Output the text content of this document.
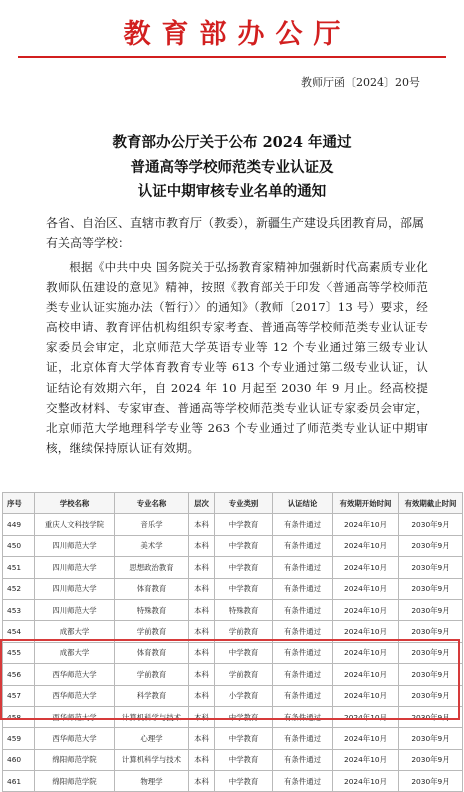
教育部办公厅
教师厅函〔2024〕20号
教育部办公厅关于公布 2024 年通过
普通高等学校师范类专业认证及
认证中期审核专业名单的通知
各省、自治区、直辖市教育厅（教委），新疆生产建设兵团教育局，部属有关高等学校：
根据《中共中央 国务院关于弘扬教育家精神加强新时代高素质专业化教师队伍建设的意见》精神，按照《教育部关于印发〈普通高等学校师范类专业认证实施办法（暂行）〉的通知》（教师〔2017〕13 号）要求，经高校申请、教育评估机构组织专家考查、普通高等学校师范类专业认证专家委员会审定，北京师范大学英语专业等 12 个专业通过第三级专业认证，北京体育大学体育教育专业等 613 个专业通过第二级专业认证，认证结论有效期六年，自 2024 年 10 月起至 2030 年 9 月止。经高校提交整改材料、专家审查、普通高等学校师范类专业认证专家委员会审定，北京师范大学地理科学专业等 263 个专业通过了师范类专业认证中期审核，继续保持原认证有效期。
序号	学校名称	专业名称	层次	专业类别	认证结论	有效期开始时间	有效期截止时间
449	重庆人文科技学院	音乐学	本科	中学教育	有条件通过	2024年10月	2030年9月
450	四川师范大学	美术学	本科	中学教育	有条件通过	2024年10月	2030年9月
451	四川师范大学	思想政治教育	本科	中学教育	有条件通过	2024年10月	2030年9月
452	四川师范大学	体育教育	本科	中学教育	有条件通过	2024年10月	2030年9月
453	四川师范大学	特殊教育	本科	特殊教育	有条件通过	2024年10月	2030年9月
454	成都大学	学前教育	本科	学前教育	有条件通过	2024年10月	2030年9月
455	成都大学	体育教育	本科	中学教育	有条件通过	2024年10月	2030年9月
456	西华师范大学	学前教育	本科	学前教育	有条件通过	2024年10月	2030年9月
457	西华师范大学	科学教育	本科	小学教育	有条件通过	2024年10月	2030年9月
458	西华师范大学	计算机科学与技术	本科	中学教育	有条件通过	2024年10月	2030年9月
459	西华师范大学	心理学	本科	中学教育	有条件通过	2024年10月	2030年9月
460	绵阳师范学院	计算机科学与技术	本科	中学教育	有条件通过	2024年10月	2030年9月
461	绵阳师范学院	物理学	本科	中学教育	有条件通过	2024年10月	2030年9月
